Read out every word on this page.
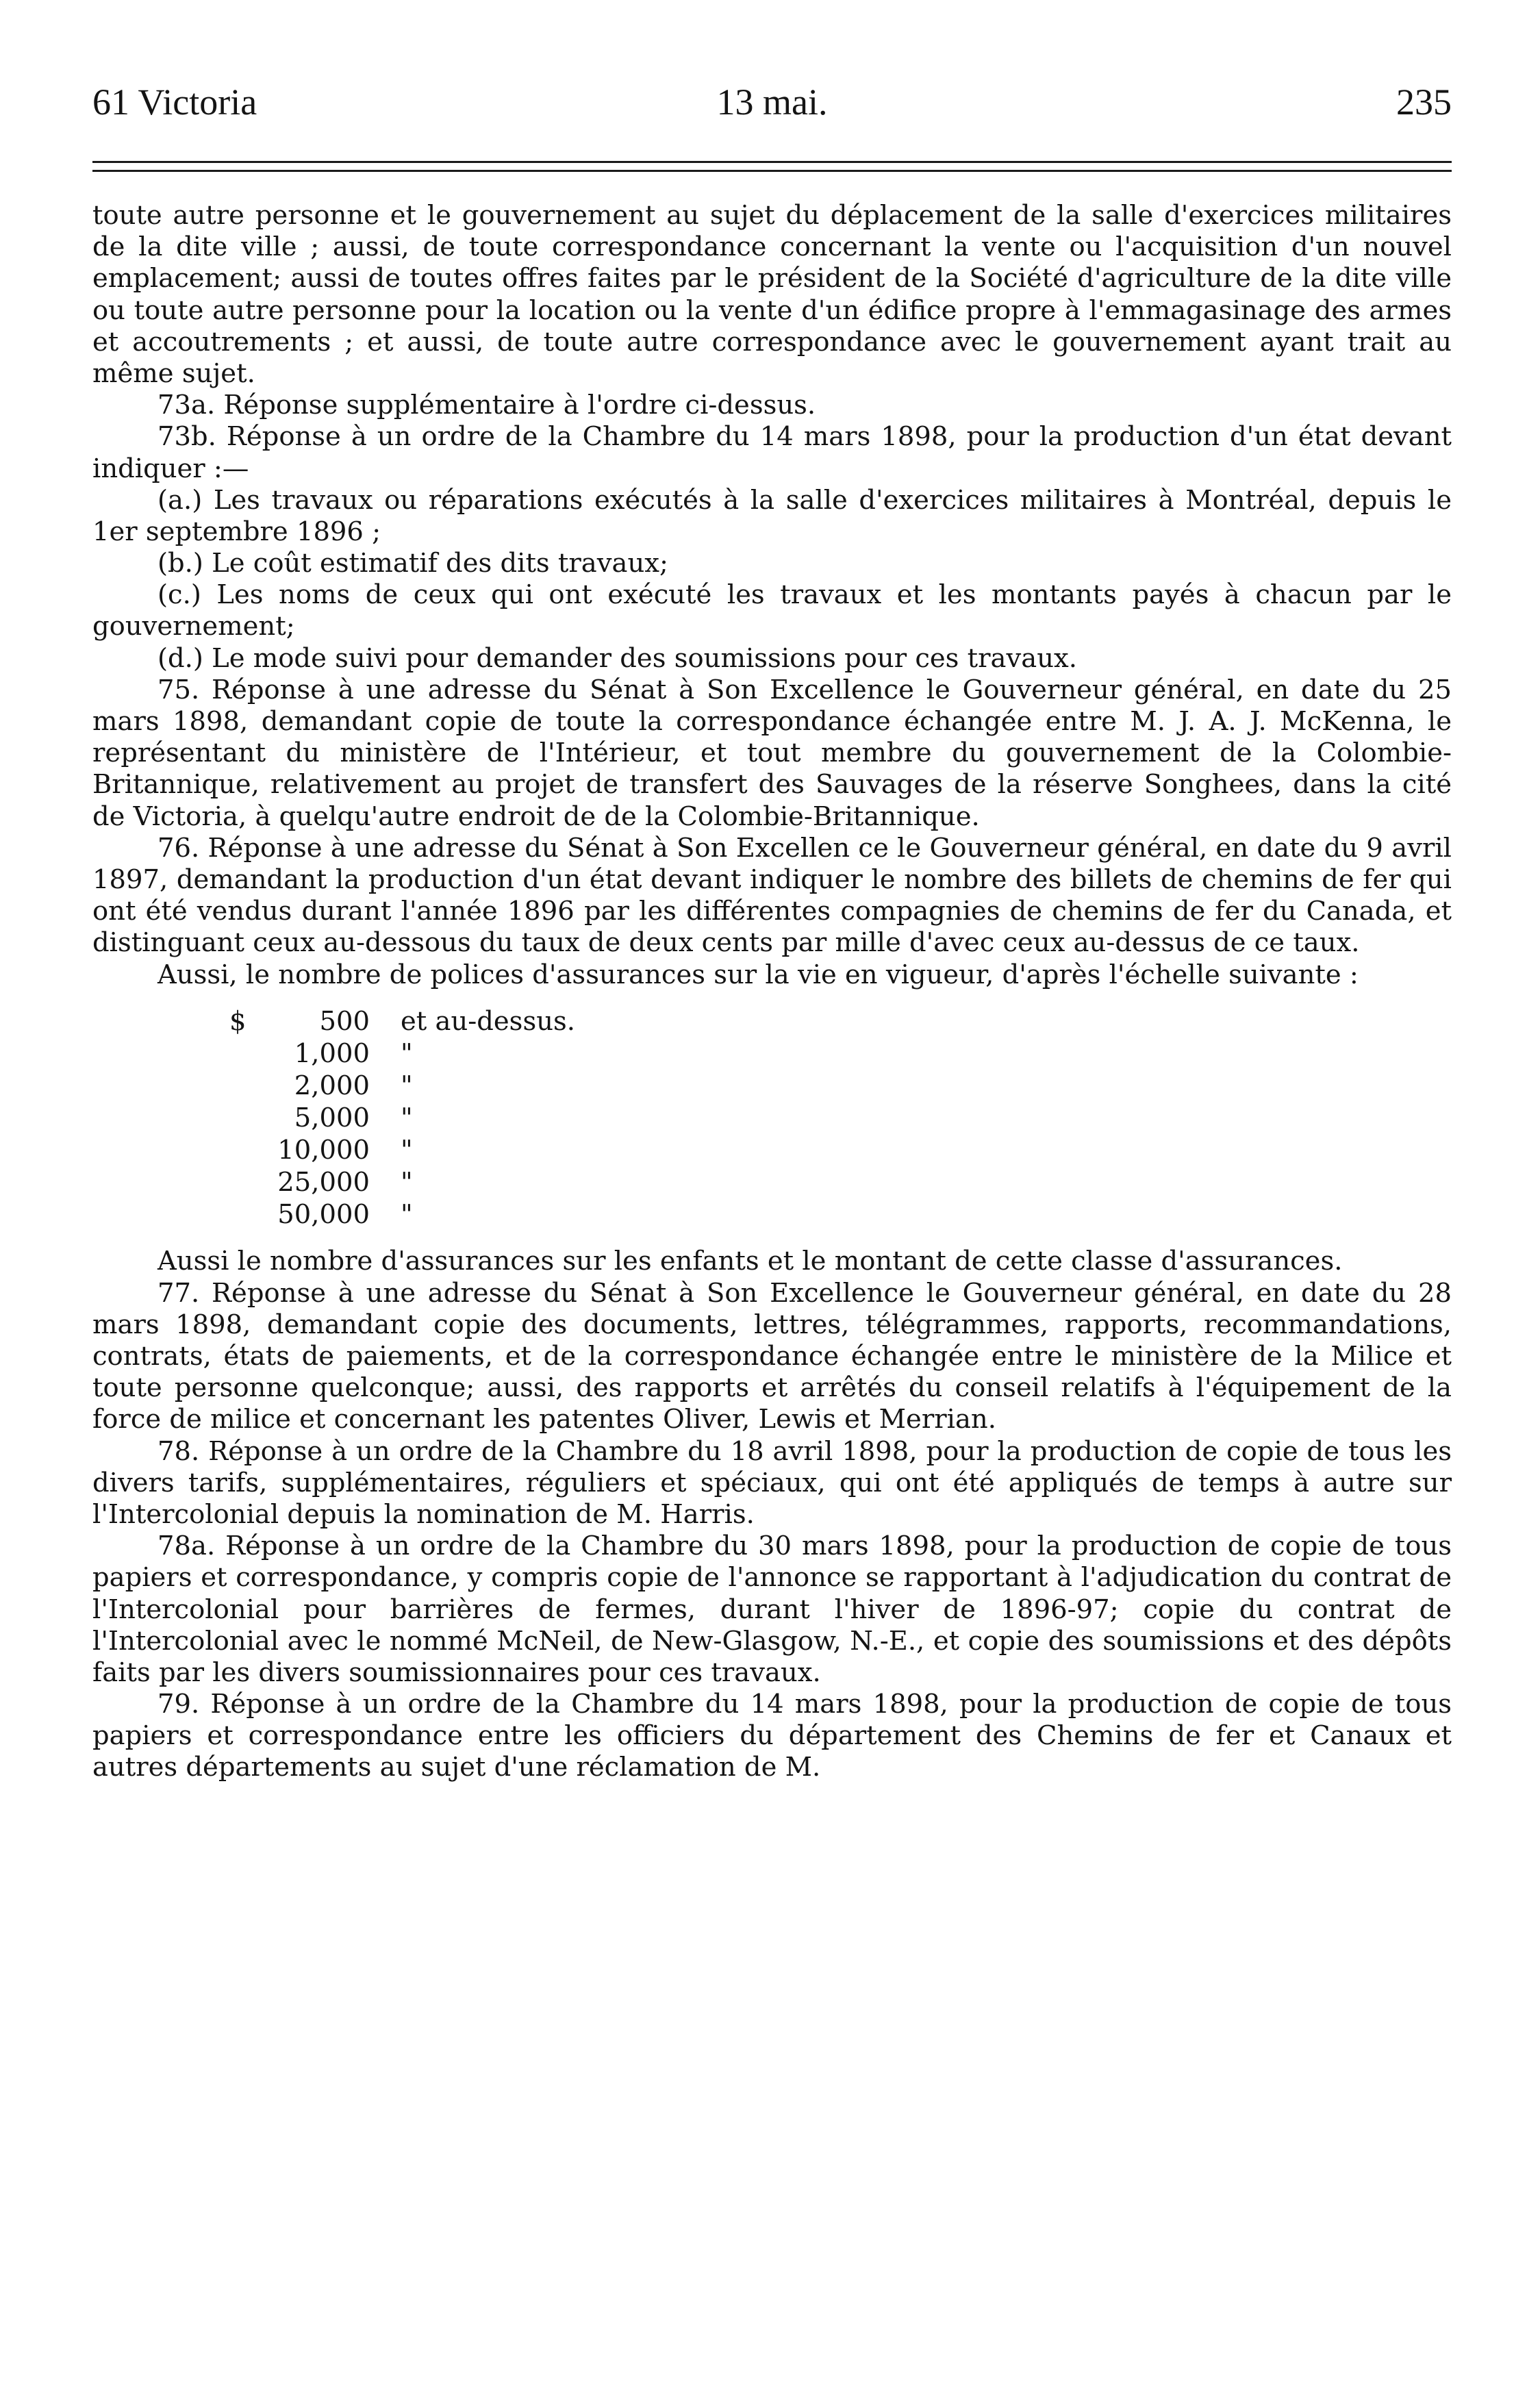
61 Victoria	13 mai.	235

toute autre personne et le gouvernement au sujet du déplacement de la salle d'exercices militaires de la dite ville ; aussi, de toute correspondance concernant la vente ou l'acquisition d'un nouvel emplacement; aussi de toutes offres faites par le président de la Société d'agriculture de la dite ville ou toute autre personne pour la location ou la vente d'un édifice propre à l'emmagasinage des armes et accoutrements ; et aussi, de toute autre correspondance avec le gouvernement ayant trait au même sujet.

73a. Réponse supplémentaire à l'ordre ci-dessus.

73b. Réponse à un ordre de la Chambre du 14 mars 1898, pour la production d'un état devant indiquer :—

(a.) Les travaux ou réparations exécutés à la salle d'exercices militaires à Montréal, depuis le 1er septembre 1896 ;

(b.) Le coût estimatif des dits travaux;

(c.) Les noms de ceux qui ont exécuté les travaux et les montants payés à chacun par le gouvernement;

(d.) Le mode suivi pour demander des soumissions pour ces travaux.

75. Réponse à une adresse du Sénat à Son Excellence le Gouverneur général, en date du 25 mars 1898, demandant copie de toute la correspondance échangée entre M. J. A. J. McKenna, le représentant du ministère de l'Intérieur, et tout membre du gouvernement de la Colombie-Britannique, relativement au projet de transfert des Sauvages de la réserve Songhees, dans la cité de Victoria, à quelqu'autre endroit de de la Colombie-Britannique.

76. Réponse à une adresse du Sénat à Son Excellen ce le Gouverneur général, en date du 9 avril 1897, demandant la production d'un état devant indiquer le nombre des billets de chemins de fer qui ont été vendus durant l'année 1896 par les différentes compagnies de chemins de fer du Canada, et distinguant ceux au-dessous du taux de deux cents par mille d'avec ceux au-dessus de ce taux.

Aussi, le nombre de polices d'assurances sur la vie en vigueur, d'après l'échelle suivante :

$	500	et au-dessus.
1,000	"
2,000	"
5,000	"
10,000	"
25,000	"
50,000	"

Aussi le nombre d'assurances sur les enfants et le montant de cette classe d'assurances.

77. Réponse à une adresse du Sénat à Son Excellence le Gouverneur général, en date du 28 mars 1898, demandant copie des documents, lettres, télégrammes, rapports, recommandations, contrats, états de paiements, et de la correspondance échangée entre le ministère de la Milice et toute personne quelconque; aussi, des rapports et arrêtés du conseil relatifs à l'équipement de la force de milice et concernant les patentes Oliver, Lewis et Merrian.

78. Réponse à un ordre de la Chambre du 18 avril 1898, pour la production de copie de tous les divers tarifs, supplémentaires, réguliers et spéciaux, qui ont été appliqués de temps à autre sur l'Intercolonial depuis la nomination de M. Harris.

78a. Réponse à un ordre de la Chambre du 30 mars 1898, pour la production de copie de tous papiers et correspondance, y compris copie de l'annonce se rapportant à l'adjudication du contrat de l'Intercolonial pour barrières de fermes, durant l'hiver de 1896-97; copie du contrat de l'Intercolonial avec le nommé McNeil, de New-Glasgow, N.-E., et copie des soumissions et des dépôts faits par les divers soumissionnaires pour ces travaux.

79. Réponse à un ordre de la Chambre du 14 mars 1898, pour la production de copie de tous papiers et correspondance entre les officiers du département des Chemins de fer et Canaux et autres départements au sujet d'une réclamation de M.
